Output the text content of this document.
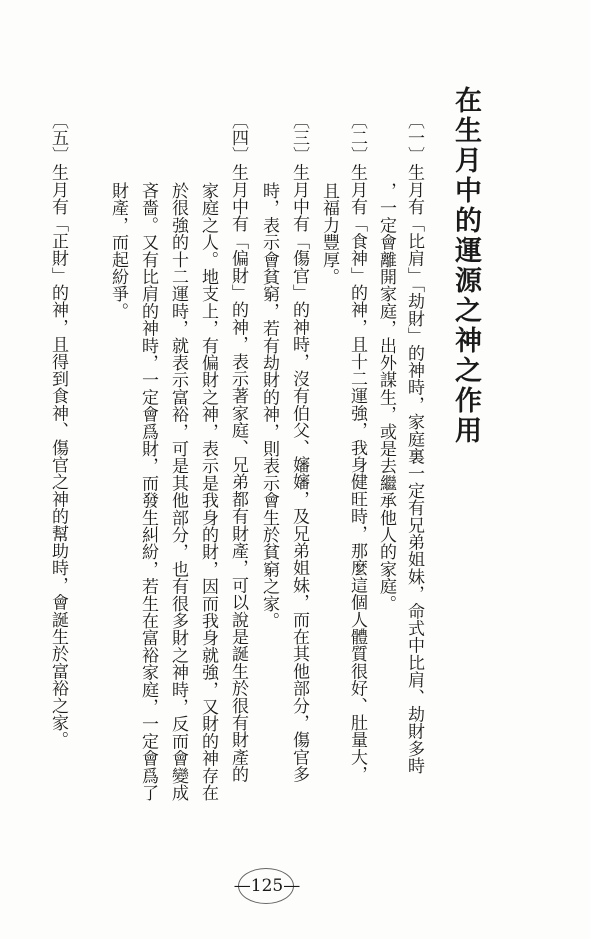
在生月中的運源之神之作用
〔一〕生月有「比肩」「劫財」的神時，家庭裏一定有兄弟姐妹，命式中比肩、劫財多時
，一定會離開家庭，出外謀生，或是去繼承他人的家庭。
〔二〕生月有「食神」的神，且十二運強，我身健旺時，那麼這個人體質很好、肚量大，
且福力豐厚。
〔三〕生月中有「傷官」的神時，沒有伯父、嬸嬸，及兄弟姐妹，而在其他部分，傷官多
時，表示會貧窮，若有劫財的神，則表示會生於貧窮之家。
〔四〕生月中有「偏財」的神，表示著家庭、兄弟都有財產，可以說是誕生於很有財產的
家庭之人。地支上，有偏財之神，表示是我身的財，因而我身就強，又財的神存在
於很強的十二運時，就表示富裕，可是其他部分，也有很多財之神時，反而會變成
吝嗇。又有比肩的神時，一定會爲財，而發生糾紛，若生在富裕家庭，一定會爲了
財產，而起紛爭。
〔五〕生月有「正財」的神，且得到食神、傷官之神的幫助時，會誕生於富裕之家。
—125—
